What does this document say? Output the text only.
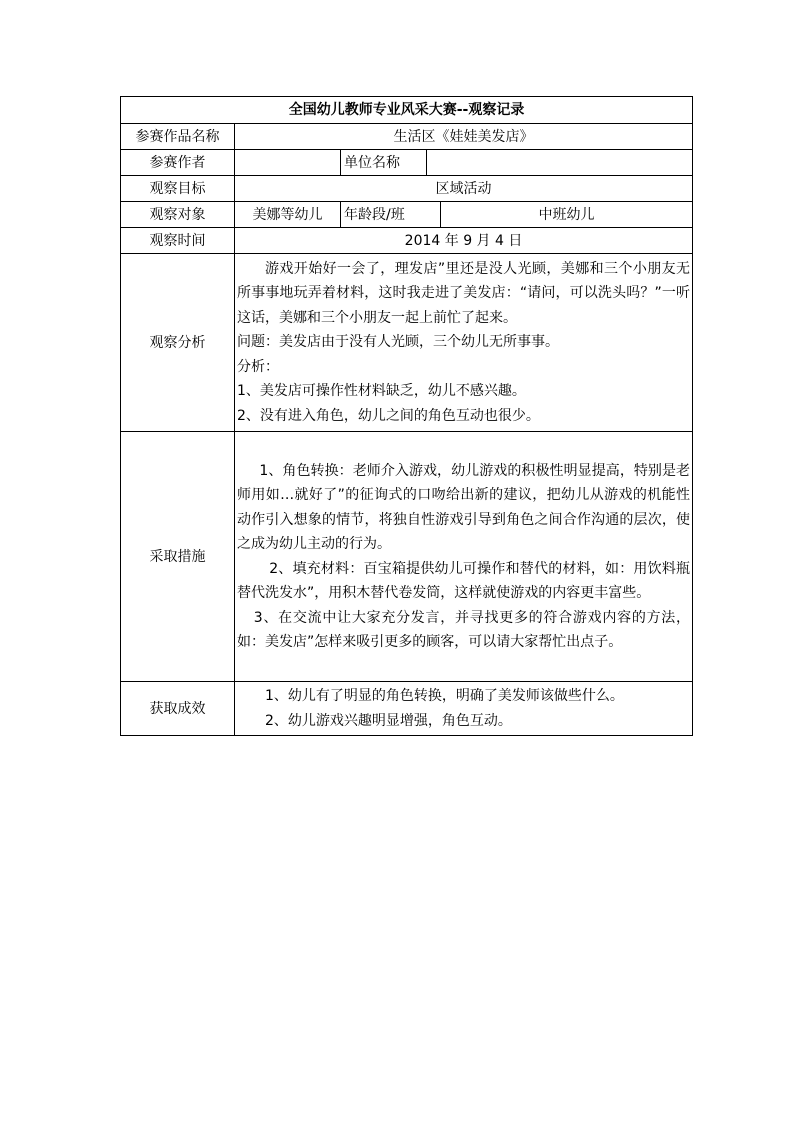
全国幼儿教师专业风采大赛--观察记录				
参赛作品名称	生活区《娃娃美发店》			
参赛作者		单位名称		
观察目标	区域活动			
观察对象	美娜等幼儿	年龄段/班		中班幼儿
观察时间	2014 年 9 月 4 日			
观察分析	游戏开始好一会了，理发店”里还是没人光顾，美娜和三个小朋友无所事事地玩弄着材料，这时我走进了美发店：“请问，可以洗头吗？”一听这话，美娜和三个小朋友一起上前忙了起来。

问题：美发店由于没有人光顾，三个幼儿无所事事。

分析：

1、美发店可操作性材料缺乏，幼儿不感兴趣。

2、没有进入角色，幼儿之间的角色互动也很少。			

采取措施	1、角色转换：老师介入游戏，幼儿游戏的积极性明显提高，特别是老师用如…就好了”的征询式的口吻给出新的建议，把幼儿从游戏的机能性动作引入想象的情节，将独自性游戏引导到角色之间合作沟通的层次，使之成为幼儿主动的行为。

2、填充材料：百宝箱提供幼儿可操作和替代的材料，如：用饮料瓶替代洗发水”，用积木替代卷发筒，这样就使游戏的内容更丰富些。

3、在交流中让大家充分发言，并寻找更多的符合游戏内容的方法，如：美发店”怎样来吸引更多的顾客，可以请大家帮忙出点子。			

获取成效	1、幼儿有了明显的角色转换，明确了美发师该做些什么。

2、幼儿游戏兴趣明显增强，角色互动。			
